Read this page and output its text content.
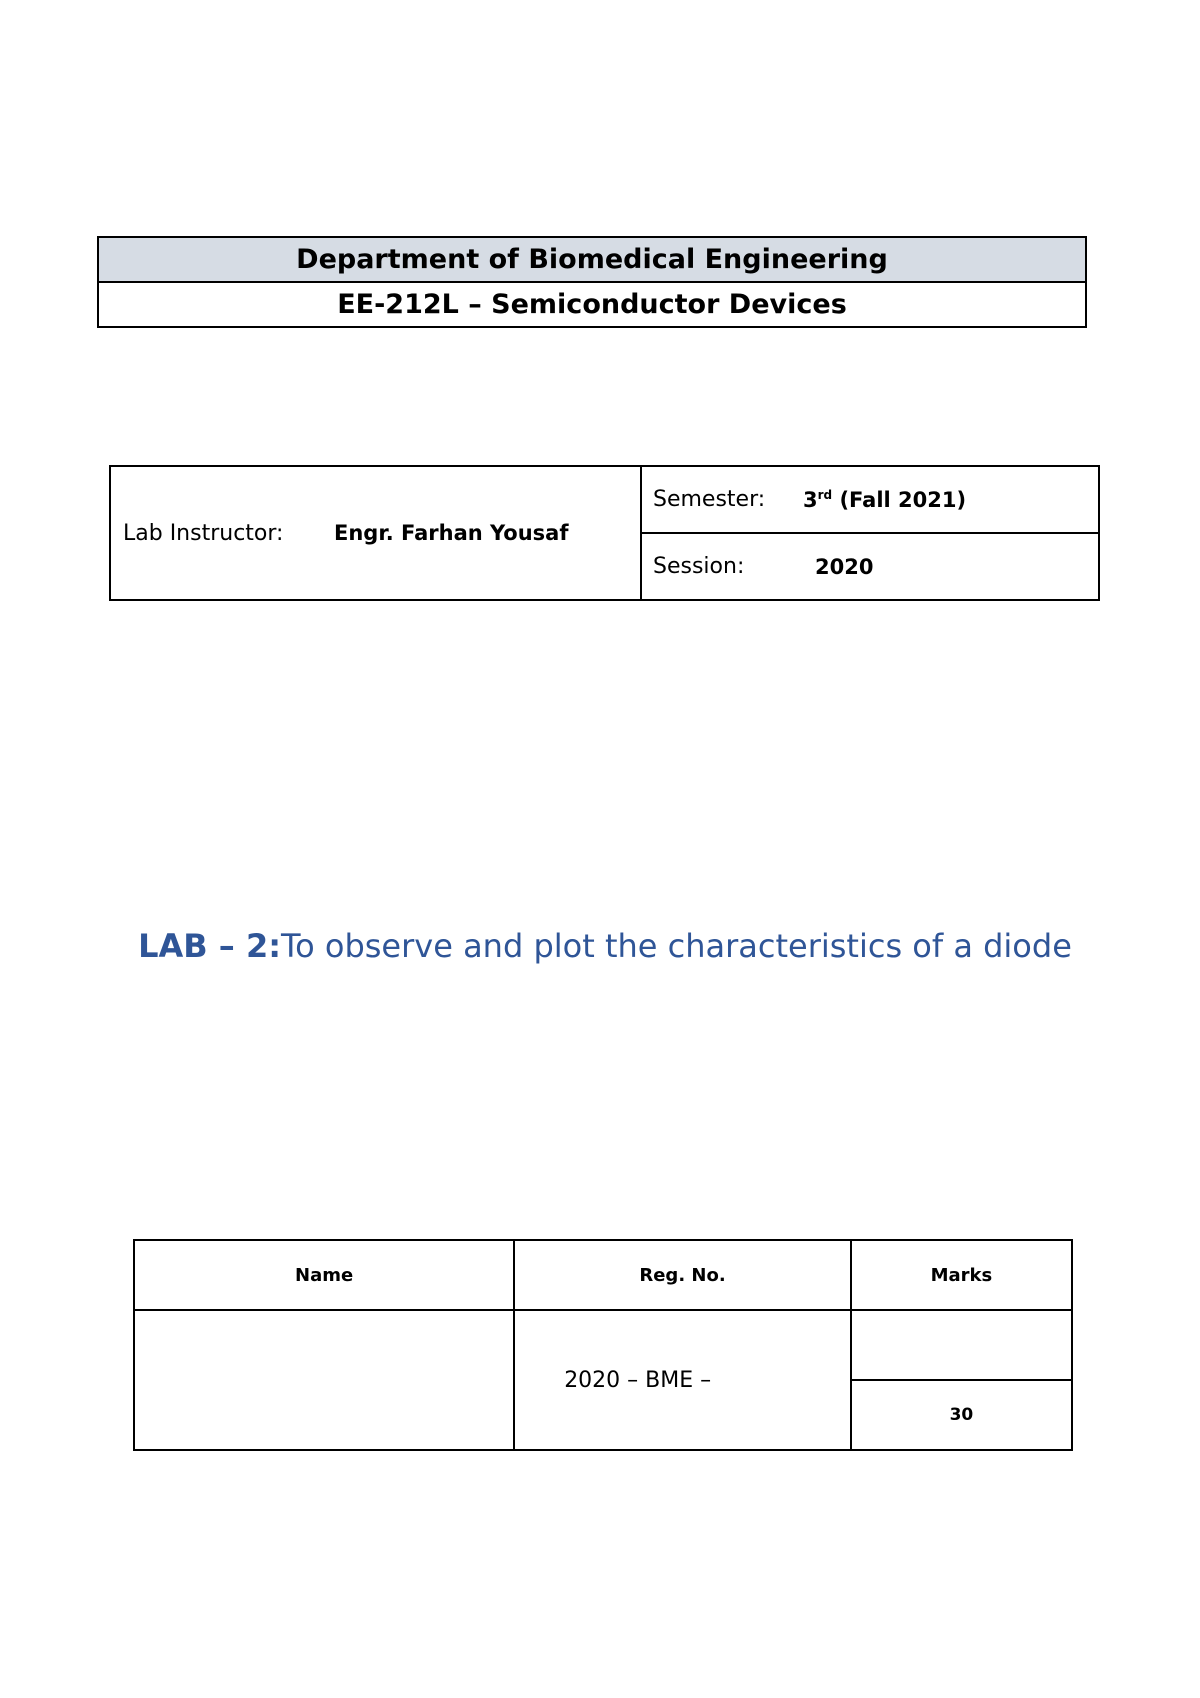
Department of Biomedical Engineering
EE-212L – Semiconductor Devices
Lab Instructor:	Engr. Farhan Yousaf

Semester:	3rd (Fall 2021)

Session:	2020
LAB – 2:To observe and plot the characteristics of a diode
Name	Reg. No.	Marks
	2020 – BME –	
		30
